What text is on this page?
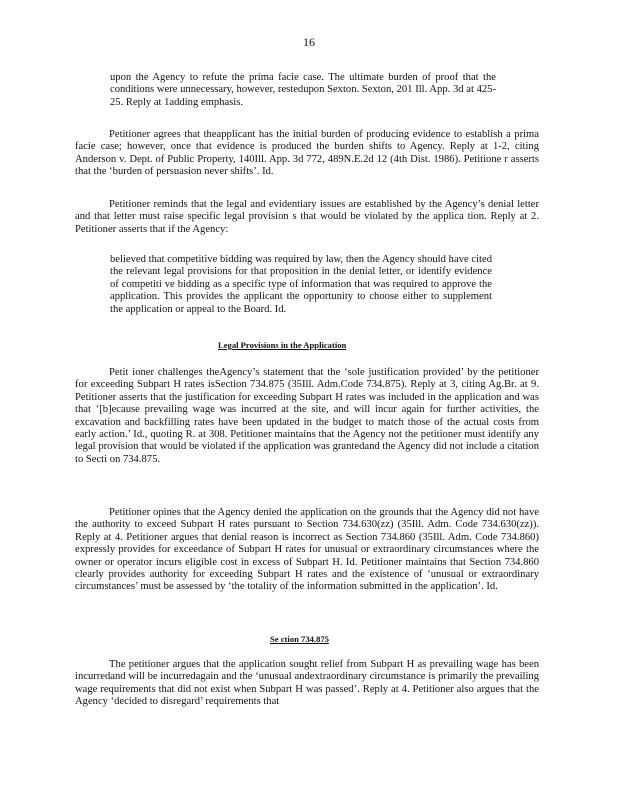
16
upon the Agency to refute the prima facie case. The ultimate burden of proof that the conditions were unnecessary, however, restedupon Sexton. Sexton, 201 Ill. App. 3d at 425-25. Reply at 1adding emphasis.
Petitioner agrees that theapplicant has the initial burden of producing evidence to establish a prima facie case; however, once that evidence is produced the burden shifts to Agency. Reply at 1-2, citing Anderson v. Dept. of Public Property, 140Ill. App. 3d 772, 489N.E.2d 12 (4th Dist. 1986). Petitione r asserts that the ‘burden of persuasion never shifts’. Id.
Petitioner reminds that the legal and evidentiary issues are established by the Agency’s denial letter and that letter must raise specific legal provision s that would be violated by the applica tion. Reply at 2. Petitioner asserts that if the Agency:
believed that competitive bidding was required by law, then the Agency should have cited the relevant legal provisions for that proposition in the denial letter, or identify evidence of competiti ve bidding as a specific type of information that was required to approve the application. This provides the applicant the opportunity to choose either to supplement the application or appeal to the Board. Id.
Legal Provisions in the Application
Petit ioner challenges theAgency’s statement that the ‘sole justification provided’ by the petitioner for exceeding Subpart H rates isSection 734.875 (35Ill. Adm.Code 734.875). Reply at 3, citing Ag.Br. at 9. Petitioner asserts that the justification for exceeding Subpart H rates was included in the application and was that ‘[b]ecause prevailing wage was incurred at the site, and will incur again for further activities, the excavation and backfilling rates have been updated in the budget to match those of the actual costs from early action.’ Id., quoting R. at 308. Petitioner maintains that the Agency not the petitioner must identify any legal provision that would be violated if the application was grantedand the Agency did not include a citation to Secti on 734.875.
Petitioner opines that the Agency denied the application on the grounds that the Agency did not have the authority to exceed Subpart H rates pursuant to Section 734.630(zz) (35Ill. Adm. Code 734.630(zz)). Reply at 4. Petitioner argues that denial reason is incorrect as Section 734.860 (35Ill. Adm. Code 734.860) expressly provides for exceedance of Subpart H rates for unusual or extraordinary circumstances where the owner or operator incurs eligible cost in excess of Subpart H. Id. Petitioner maintains that Section 734.860 clearly provides authority for exceeding Subpart H rates and the existence of ‘unusual or extraordinary circumstances’ must be assessed by ‘the totality of the information submitted in the application’. Id.
Se ction 734.875
The petitioner argues that the application sought relief from Subpart H as prevailing wage has been incurredand will be incurredagain and the ‘unusual andextraordinary circumstance is primarily the prevailing wage requirements that did not exist when Subpart H was passed’. Reply at 4. Petitioner also argues that the Agency ‘decided to disregard’ requirements that
